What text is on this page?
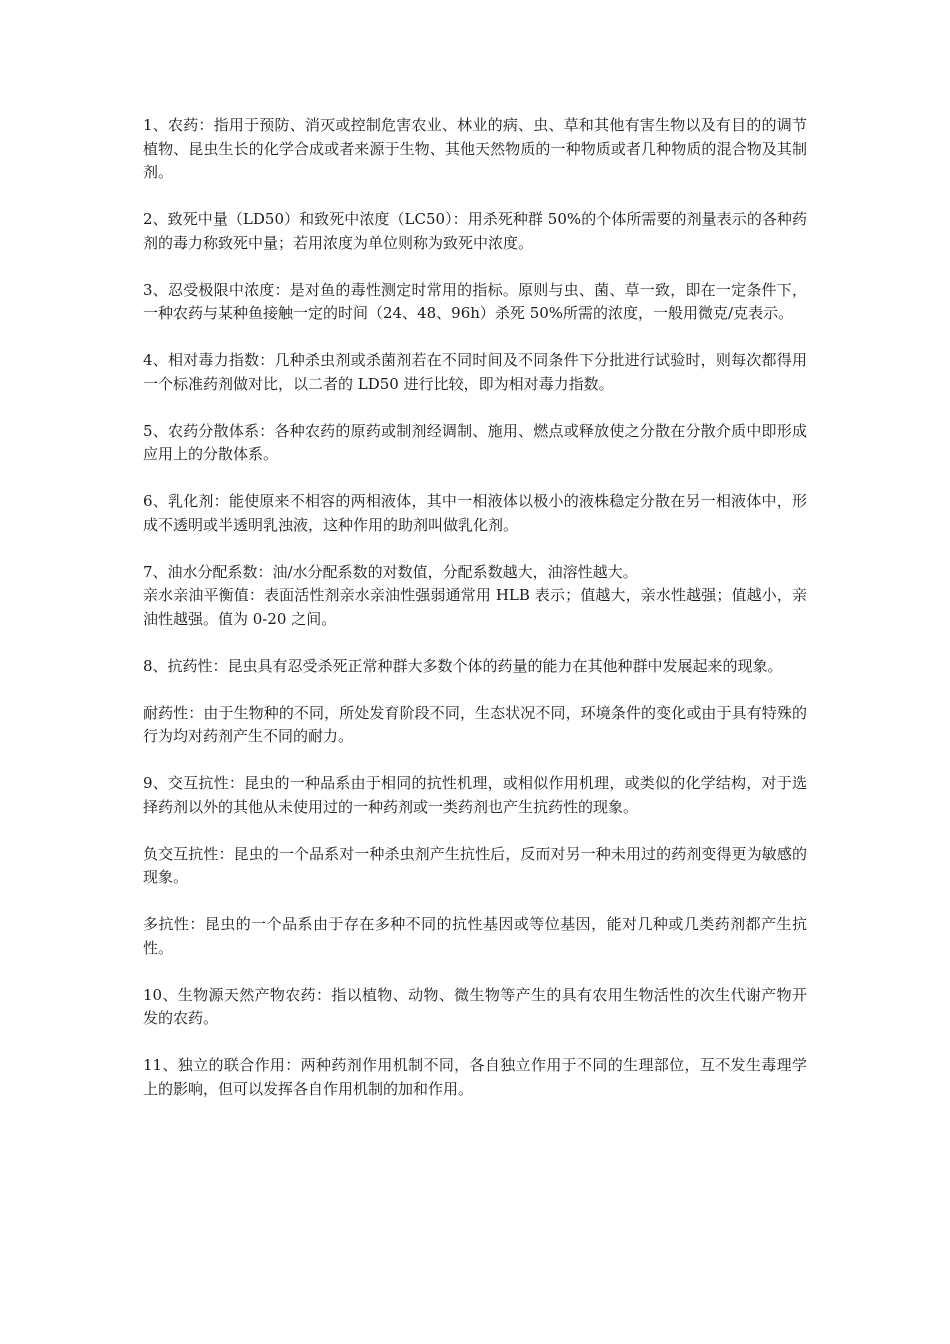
1、农药：指用于预防、消灭或控制危害农业、林业的病、虫、草和其他有害生物以及有目的的调节植物、昆虫生长的化学合成或者来源于生物、其他天然物质的一种物质或者几种物质的混合物及其制剂。

2、致死中量（LD50）和致死中浓度（LC50）：用杀死种群 50%的个体所需要的剂量表示的各种药剂的毒力称致死中量；若用浓度为单位则称为致死中浓度。

3、忍受极限中浓度：是对鱼的毒性测定时常用的指标。原则与虫、菌、草一致，即在一定条件下，一种农药与某种鱼接触一定的时间（24、48、96h）杀死 50%所需的浓度，一般用微克/克表示。

4、相对毒力指数：几种杀虫剂或杀菌剂若在不同时间及不同条件下分批进行试验时，则每次都得用一个标准药剂做对比，以二者的 LD50 进行比较，即为相对毒力指数。

5、农药分散体系：各种农药的原药或制剂经调制、施用、燃点或释放使之分散在分散介质中即形成应用上的分散体系。

6、乳化剂：能使原来不相容的两相液体，其中一相液体以极小的液株稳定分散在另一相液体中，形成不透明或半透明乳浊液，这种作用的助剂叫做乳化剂。

7、油水分配系数：油/水分配系数的对数值，分配系数越大，油溶性越大。

亲水亲油平衡值：表面活性剂亲水亲油性强弱通常用 HLB 表示；值越大，亲水性越强；值越小，亲油性越强。值为 0-20 之间。

8、抗药性：昆虫具有忍受杀死正常种群大多数个体的药量的能力在其他种群中发展起来的现象。

耐药性：由于生物种的不同，所处发育阶段不同，生态状况不同，环境条件的变化或由于具有特殊的行为均对药剂产生不同的耐力。

9、交互抗性：昆虫的一种品系由于相同的抗性机理，或相似作用机理，或类似的化学结构，对于选择药剂以外的其他从未使用过的一种药剂或一类药剂也产生抗药性的现象。

负交互抗性：昆虫的一个品系对一种杀虫剂产生抗性后，反而对另一种未用过的药剂变得更为敏感的现象。

多抗性：昆虫的一个品系由于存在多种不同的抗性基因或等位基因，能对几种或几类药剂都产生抗性。

10、生物源天然产物农药：指以植物、动物、微生物等产生的具有农用生物活性的次生代谢产物开发的农药。

11、独立的联合作用：两种药剂作用机制不同，各自独立作用于不同的生理部位，互不发生毒理学上的影响，但可以发挥各自作用机制的加和作用。
